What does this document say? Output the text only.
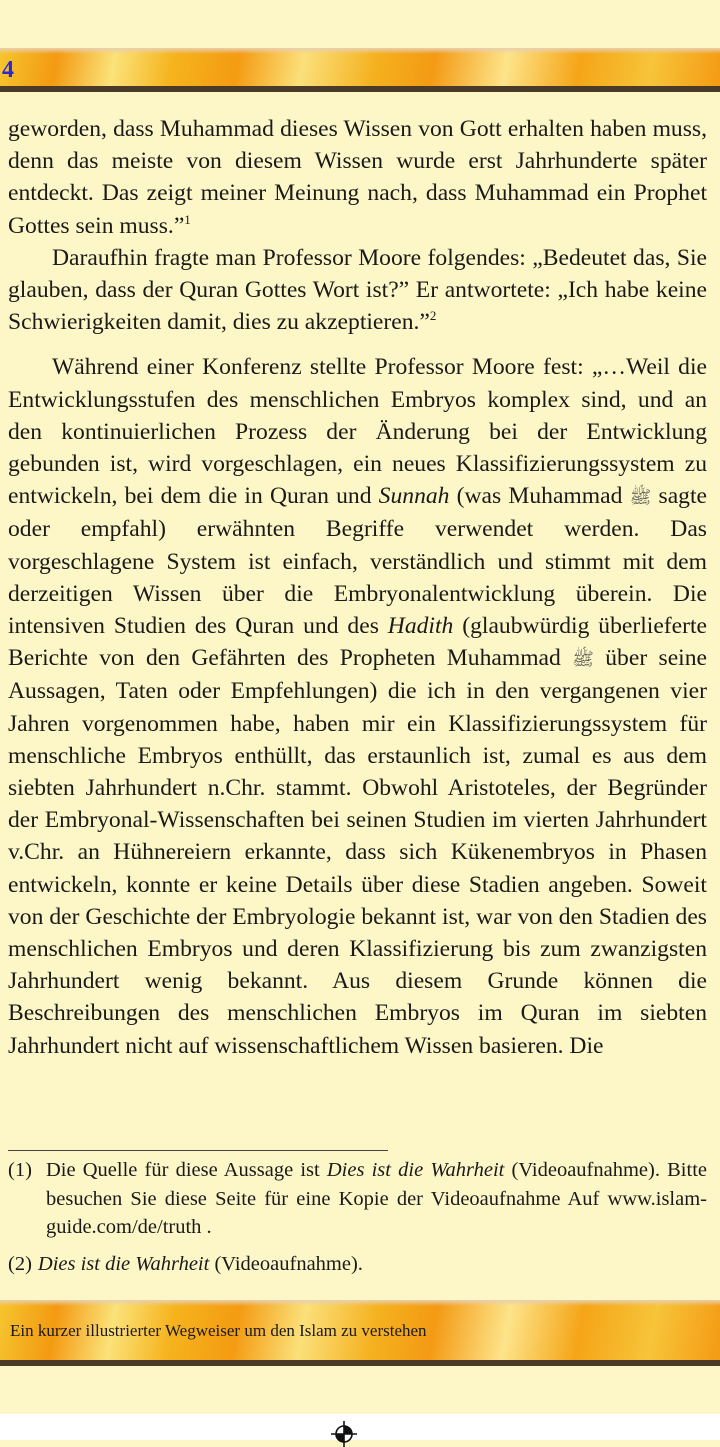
4

geworden, dass Muhammad dieses Wissen von Gott erhalten haben muss, denn das meiste von diesem Wissen wurde erst Jahrhunderte später entdeckt. Das zeigt meiner Meinung nach, dass Muhammad ein Prophet Gottes sein muss.”$^1$

Daraufhin fragte man Professor Moore folgendes: „Bedeutet das, Sie glauben, dass der Quran Gottes Wort ist?” Er antwortete: „Ich habe keine Schwierigkeiten damit, dies zu akzeptieren.”$^2$

Während einer Konferenz stellte Professor Moore fest: „…Weil die Entwicklungsstufen des menschlichen Embryos komplex sind, und an den kontinuierlichen Prozess der Änderung bei der Entwicklung gebunden ist, wird vorgeschlagen, ein neues Klassifizierungssystem zu entwickeln, bei dem die in Quran und Sunnah (was Muhammad ﷺ sagte oder empfahl) erwähnten Begriffe verwendet werden. Das vorgeschlagene System ist einfach, verständlich und stimmt mit dem derzeitigen Wissen über die Embryonalentwicklung überein. Die intensiven Studien des Quran und des Hadith (glaubwürdig überlieferte Berichte von den Gefährten des Propheten Muhammad ﷺ über seine Aussagen, Taten oder Empfehlungen) die ich in den vergangenen vier Jahren vorgenommen habe, haben mir ein Klassifizierungssystem für menschliche Embryos enthüllt, das erstaunlich ist, zumal es aus dem siebten Jahrhundert n.Chr. stammt. Obwohl Aristoteles, der Begründer der Embryonal-Wissenschaften bei seinen Studien im vierten Jahrhundert v.Chr. an Hühnereiern erkannte, dass sich Kükenembryos in Phasen entwickeln, konnte er keine Details über diese Stadien angeben. Soweit von der Geschichte der Embryologie bekannt ist, war von den Stadien des menschlichen Embryos und deren Klassifizierung bis zum zwanzigsten Jahrhundert wenig bekannt. Aus diesem Grunde können die Beschreibungen des menschlichen Embryos im Quran im siebten Jahrhundert nicht auf wissenschaftlichem Wissen basieren. Die

(1) Die Quelle für diese Aussage ist Dies ist die Wahrheit (Videoaufnahme). Bitte besuchen Sie diese Seite für eine Kopie der Videoaufnahme Auf www.islam-guide.com/de/truth .
(2) Dies ist die Wahrheit (Videoaufnahme).
Ein kurzer illustrierter Wegweiser um den Islam zu verstehen
